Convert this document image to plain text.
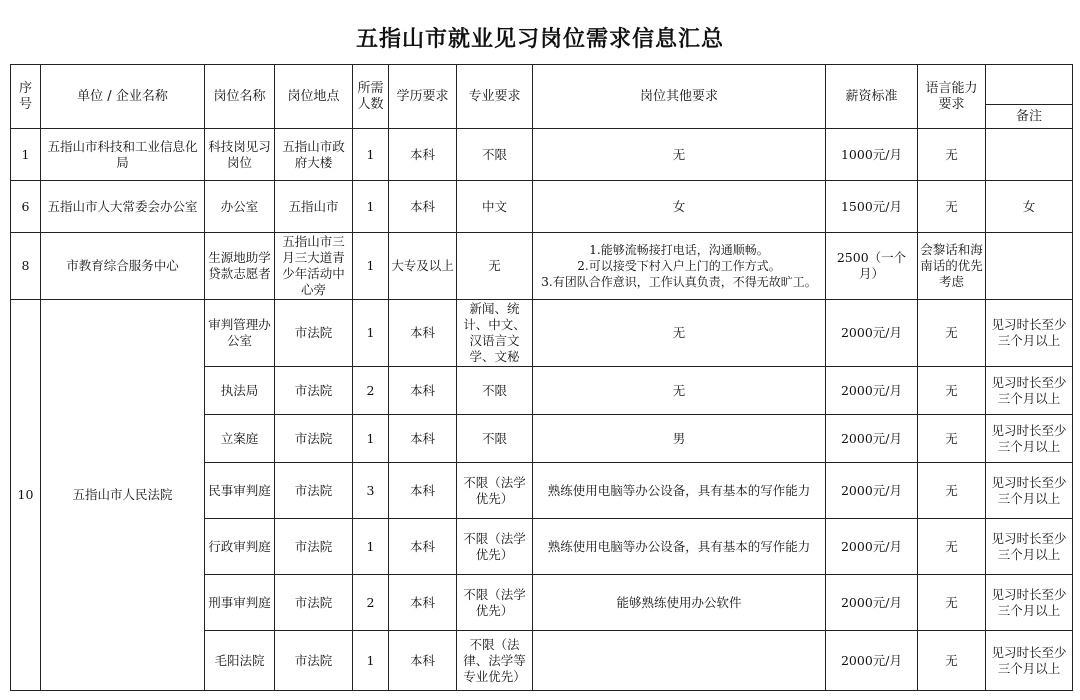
五指山市就业见习岗位需求信息汇总
序号	单位 / 企业名称	岗位名称	岗位地点	所需人数	学历要求	专业要求	岗位其他要求	薪资标准	语言能力要求	
										备注
1	五指山市科技和工业信息化局	科技岗见习岗位	五指山市政府大楼	1	本科	不限	无	1000元/月	无	
6	五指山市人大常委会办公室	办公室	五指山市	1	本科	中文	女	1500元/月	无	女
8	市教育综合服务中心	生源地助学贷款志愿者	五指山市三月三大道青少年活动中心旁	1	大专及以上	无	1.能够流畅接打电话，沟通顺畅。
2.可以接受下村入户上门的工作方式。
3.有团队合作意识，工作认真负责，不得无故旷工。	2500（一个月）	会黎话和海南话的优先考虑	
10	五指山市人民法院	审判管理办公室	市法院	1	本科	新闻、统计、中文、汉语言文学、文秘	无	2000元/月	无	见习时长至少三个月以上
		执法局	市法院	2	本科	不限	无	2000元/月	无	见习时长至少三个月以上
		立案庭	市法院	1	本科	不限	男	2000元/月	无	见习时长至少三个月以上
		民事审判庭	市法院	3	本科	不限（法学优先）	熟练使用电脑等办公设备，具有基本的写作能力	2000元/月	无	见习时长至少三个月以上
		行政审判庭	市法院	1	本科	不限（法学优先）	熟练使用电脑等办公设备，具有基本的写作能力	2000元/月	无	见习时长至少三个月以上
		刑事审判庭	市法院	2	本科	不限（法学优先）	能够熟练使用办公软件	2000元/月	无	见习时长至少三个月以上
		毛阳法院	市法院	1	本科	不限（法律、法学等专业优先）		2000元/月	无	见习时长至少三个月以上
